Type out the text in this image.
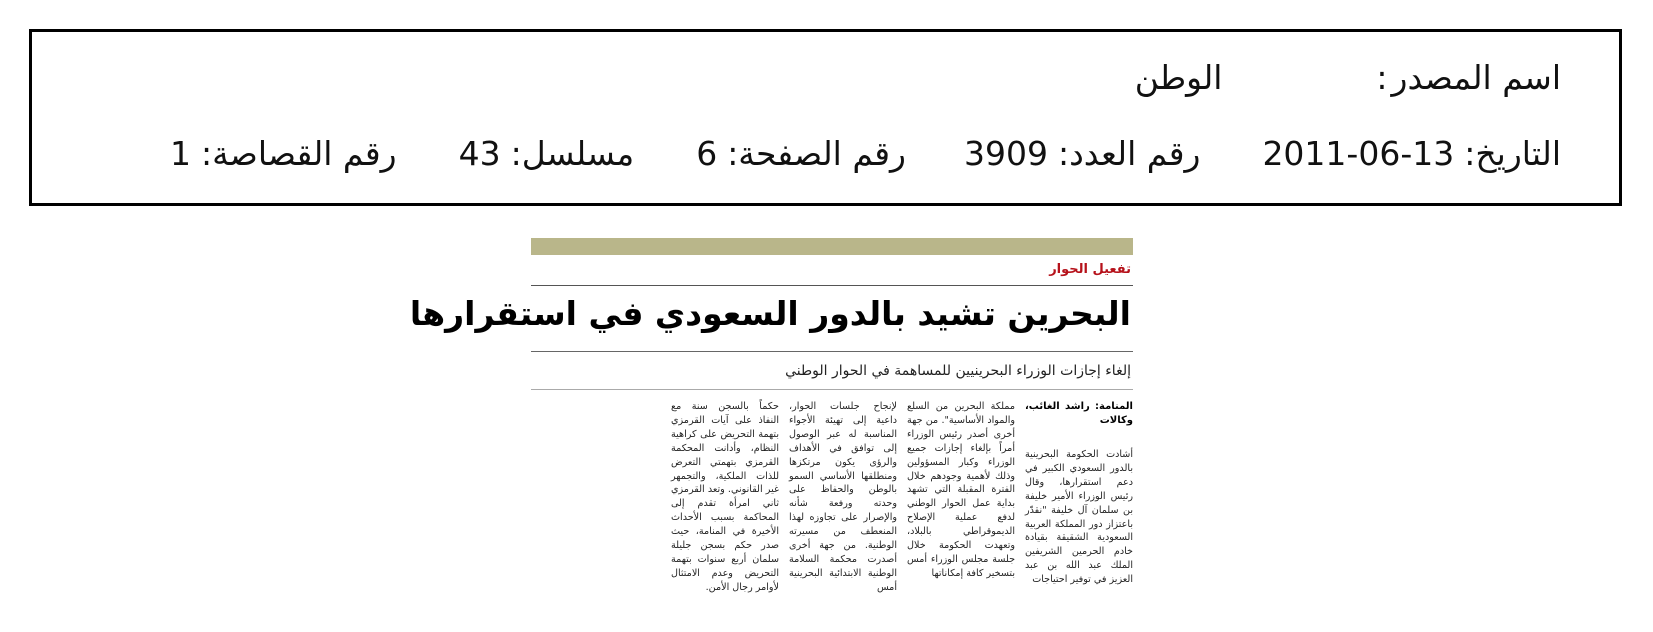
اسم المصدر
:
الوطن
التاريخ:
2011-06-13
رقم العدد:
3909
رقم الصفحة:
6
مسلسل:
43
رقم القصاصة:
1
تفعيل الحوار
البحرين تشيد بالدور السعودي في استقرارها
إلغاء إجازات الوزراء البحرينيين للمساهمة في الحوار الوطني
المنامة: راشد الغائب، وكالات

أشادت الحكومة البحرينية بالدور السعودي الكبير في دعم استقرارها، وقال رئيس الوزراء الأمير خليفة بن سلمان آل خليفة "نقدّر باعتزاز دور المملكة العربية السعودية الشقيقة بقيادة خادم الحرمين الشريفين الملك عبد الله بن عبد العزيز في توفير احتياجات

مملكة البحرين من السلع والمواد الأساسية". من جهة أخرى أصدر رئيس الوزراء أمراً بإلغاء إجازات جميع الوزراء وكبار المسؤولين وذلك لأهمية وجودهم خلال الفترة المقبلة التي تشهد بداية عمل الحوار الوطني لدفع عملية الإصلاح الديموقراطي بالبلاد، وتعهدت الحكومة خلال جلسة مجلس الوزراء أمس بتسخير كافة إمكاناتها

لإنجاح جلسات الحوار، داعية إلى تهيئة الأجواء المناسبة له عبر الوصول إلى توافق في الأهداف والرؤى يكون مرتكزها ومنطلقها الأساسي السمو بالوطن والحفاظ على وحدته ورفعة شأنه والإصرار على تجاوزه لهذا المنعطف من مسيرته الوطنية. من جهة أخرى أصدرت محكمة السلامة الوطنية الابتدائية البحرينية أمس

حكماً بالسجن سنة مع النفاذ على آيات القرمزي بتهمة التحريض على كراهية النظام، وأدانت المحكمة القرمزي بتهمتي التعرض للذات الملكية، والتجمهر غير القانوني. وتعد القرمزي ثاني امرأة تقدم إلى المحاكمة بسبب الأحداث الأخيرة في المنامة، حيث صدر حكم بسجن جليلة سلمان أربع سنوات بتهمة التحريض وعدم الامتثال لأوامر رجال الأمن.
